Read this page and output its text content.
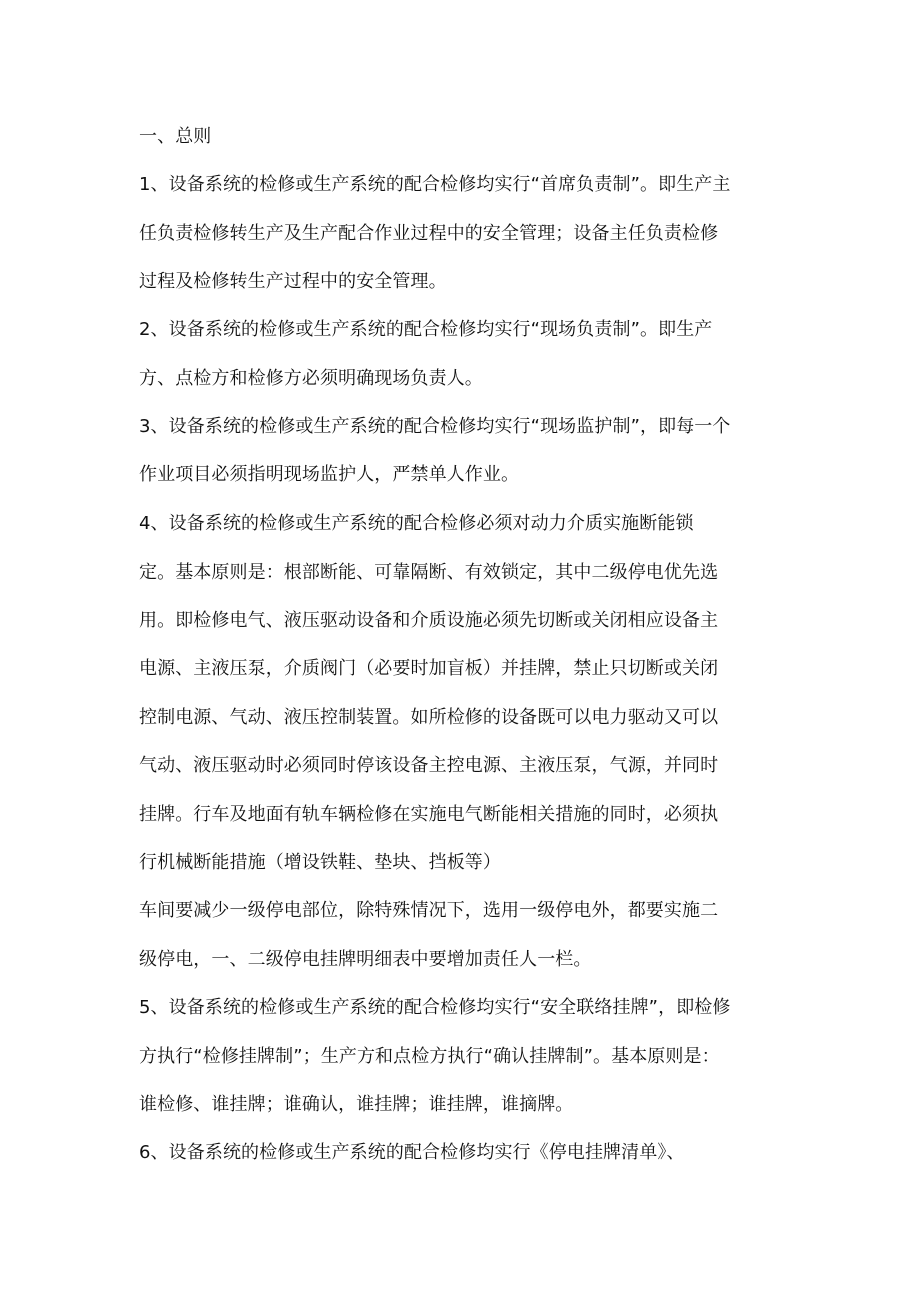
一、总则
1、设备系统的检修或生产系统的配合检修均实行“首席负责制”。即生产主
任负责检修转生产及生产配合作业过程中的安全管理；设备主任负责检修
过程及检修转生产过程中的安全管理。
2、设备系统的检修或生产系统的配合检修均实行“现场负责制”。即生产
方、点检方和检修方必须明确现场负责人。
3、设备系统的检修或生产系统的配合检修均实行“现场监护制”，即每一个
作业项目必须指明现场监护人，严禁单人作业。
4、设备系统的检修或生产系统的配合检修必须对动力介质实施断能锁
定。基本原则是：根部断能、可靠隔断、有效锁定，其中二级停电优先选
用。即检修电气、液压驱动设备和介质设施必须先切断或关闭相应设备主
电源、主液压泵，介质阀门（必要时加盲板）并挂牌，禁止只切断或关闭
控制电源、气动、液压控制装置。如所检修的设备既可以电力驱动又可以
气动、液压驱动时必须同时停该设备主控电源、主液压泵，气源，并同时
挂牌。行车及地面有轨车辆检修在实施电气断能相关措施的同时，必须执
行机械断能措施（增设铁鞋、垫块、挡板等）
车间要减少一级停电部位，除特殊情况下，选用一级停电外，都要实施二
级停电，一、二级停电挂牌明细表中要增加责任人一栏。
5、设备系统的检修或生产系统的配合检修均实行“安全联络挂牌”，即检修
方执行“检修挂牌制”；生产方和点检方执行“确认挂牌制”。基本原则是：
谁检修、谁挂牌；谁确认，谁挂牌；谁挂牌，谁摘牌。
6、设备系统的检修或生产系统的配合检修均实行《停电挂牌清单》、
